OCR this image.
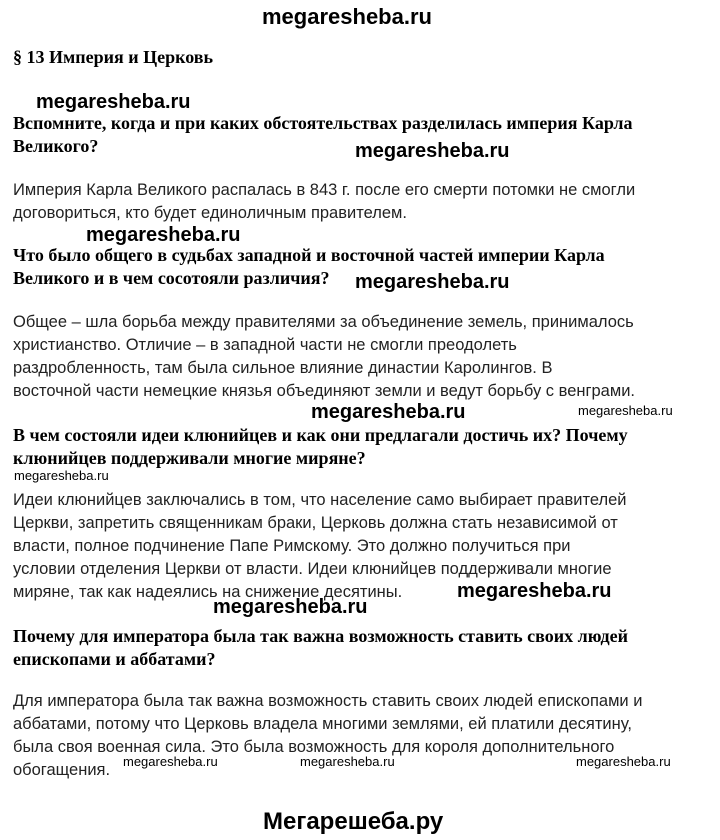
megaresheba.ru
§ 13 Империя и Церковь
megaresheba.ru
Вспомните, когда и при каких обстоятельствах разделилась империя Карла
Великого?	megaresheba.ru
Империя Карла Великого распалась в 843 г. после его смерти потомки не смогли
договориться, кто будет единоличным правителем.
megaresheba.ru
Что было общего в судьбах западной и восточной частей империи Карла
Великого и в чем сосотояли различия?	megaresheba.ru
Общее – шла борьба между правителями за объединение земель, принималось
христианство. Отличие – в западной части не смогли преодолеть
раздробленность, там была сильное влияние династии Каролингов. В
восточной части немецкие князья объединяют земли и ведут борьбу с венграми.
megaresheba.ru	megaresheba.ru
В чем состояли идеи клюнийцев и как они предлагали достичь их? Почему
клюнийцев поддерживали многие миряне?
megaresheba.ru
Идеи клюнийцев заключались в том, что население само выбирает правителей
Церкви, запретить священникам браки, Церковь должна стать независимой от
власти, полное подчинение Папе Римскому. Это должно получиться при
условии отделения Церкви от власти. Идеи клюнийцев поддерживали многие
миряне, так как надеялись на снижение десятины.	megaresheba.ru
megaresheba.ru
Почему для императора была так важна возможность ставить своих людей
епископами и аббатами?
Для императора была так важна возможность ставить своих людей епископами и
аббатами, потому что Церковь владела многими землями, ей платили десятину,
была своя военная сила. Это была возможность для короля дополнительного
обогащения. megaresheba.ru	megaresheba.ru	megaresheba.ru
Мегарешеба.ру
